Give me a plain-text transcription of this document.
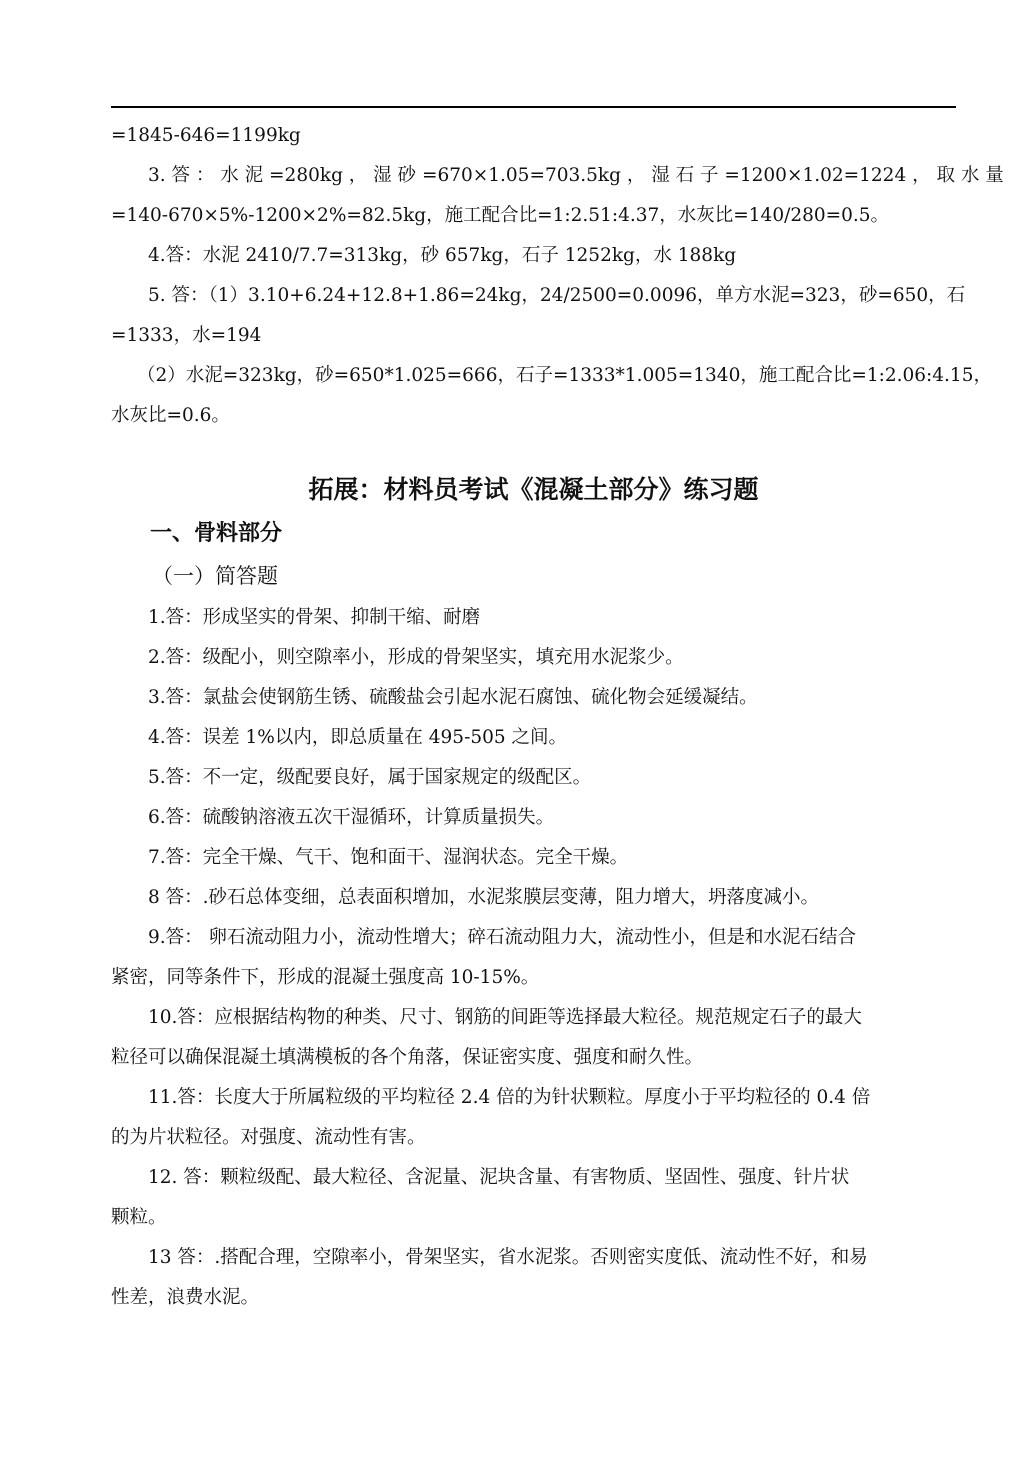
=1845-646=1199kg
3. 答 ： 水 泥 =280kg ， 湿 砂 =670×1.05=703.5kg ， 湿 石 子 =1200×1.02=1224 ， 取 水 量
=140-670×5%-1200×2%=82.5kg，施工配合比=1:2.51:4.37，水灰比=140/280=0.5。
4.答：水泥 2410/7.7=313kg，砂 657kg，石子 1252kg，水 188kg
5. 答：（1）3.10+6.24+12.8+1.86=24kg，24/2500=0.0096，单方水泥=323，砂=650，石
=1333，水=194
（2）水泥=323kg，砂=650*1.025=666，石子=1333*1.005=1340，施工配合比=1:2.06:4.15，
水灰比=0.6。
拓展：材料员考试《混凝土部分》练习题
一、骨料部分
（一）简答题
1.答：形成坚实的骨架、抑制干缩、耐磨
2.答：级配小，则空隙率小，形成的骨架坚实，填充用水泥浆少。
3.答：氯盐会使钢筋生锈、硫酸盐会引起水泥石腐蚀、硫化物会延缓凝结。
4.答：误差 1%以内，即总质量在 495-505 之间。
5.答：不一定，级配要良好，属于国家规定的级配区。
6.答：硫酸钠溶液五次干湿循环，计算质量损失。
7.答：完全干燥、气干、饱和面干、湿润状态。完全干燥。
8 答：.砂石总体变细，总表面积增加，水泥浆膜层变薄，阻力增大，坍落度减小。
9.答： 卵石流动阻力小，流动性增大；碎石流动阻力大，流动性小，但是和水泥石结合
紧密，同等条件下，形成的混凝土强度高 10-15%。
10.答：应根据结构物的种类、尺寸、钢筋的间距等选择最大粒径。规范规定石子的最大
粒径可以确保混凝土填满模板的各个角落，保证密实度、强度和耐久性。
11.答：长度大于所属粒级的平均粒径 2.4 倍的为针状颗粒。厚度小于平均粒径的 0.4 倍
的为片状粒径。对强度、流动性有害。
12. 答：颗粒级配、最大粒径、含泥量、泥块含量、有害物质、坚固性、强度、针片状
颗粒。
13 答：.搭配合理，空隙率小，骨架坚实，省水泥浆。否则密实度低、流动性不好，和易
性差，浪费水泥。
